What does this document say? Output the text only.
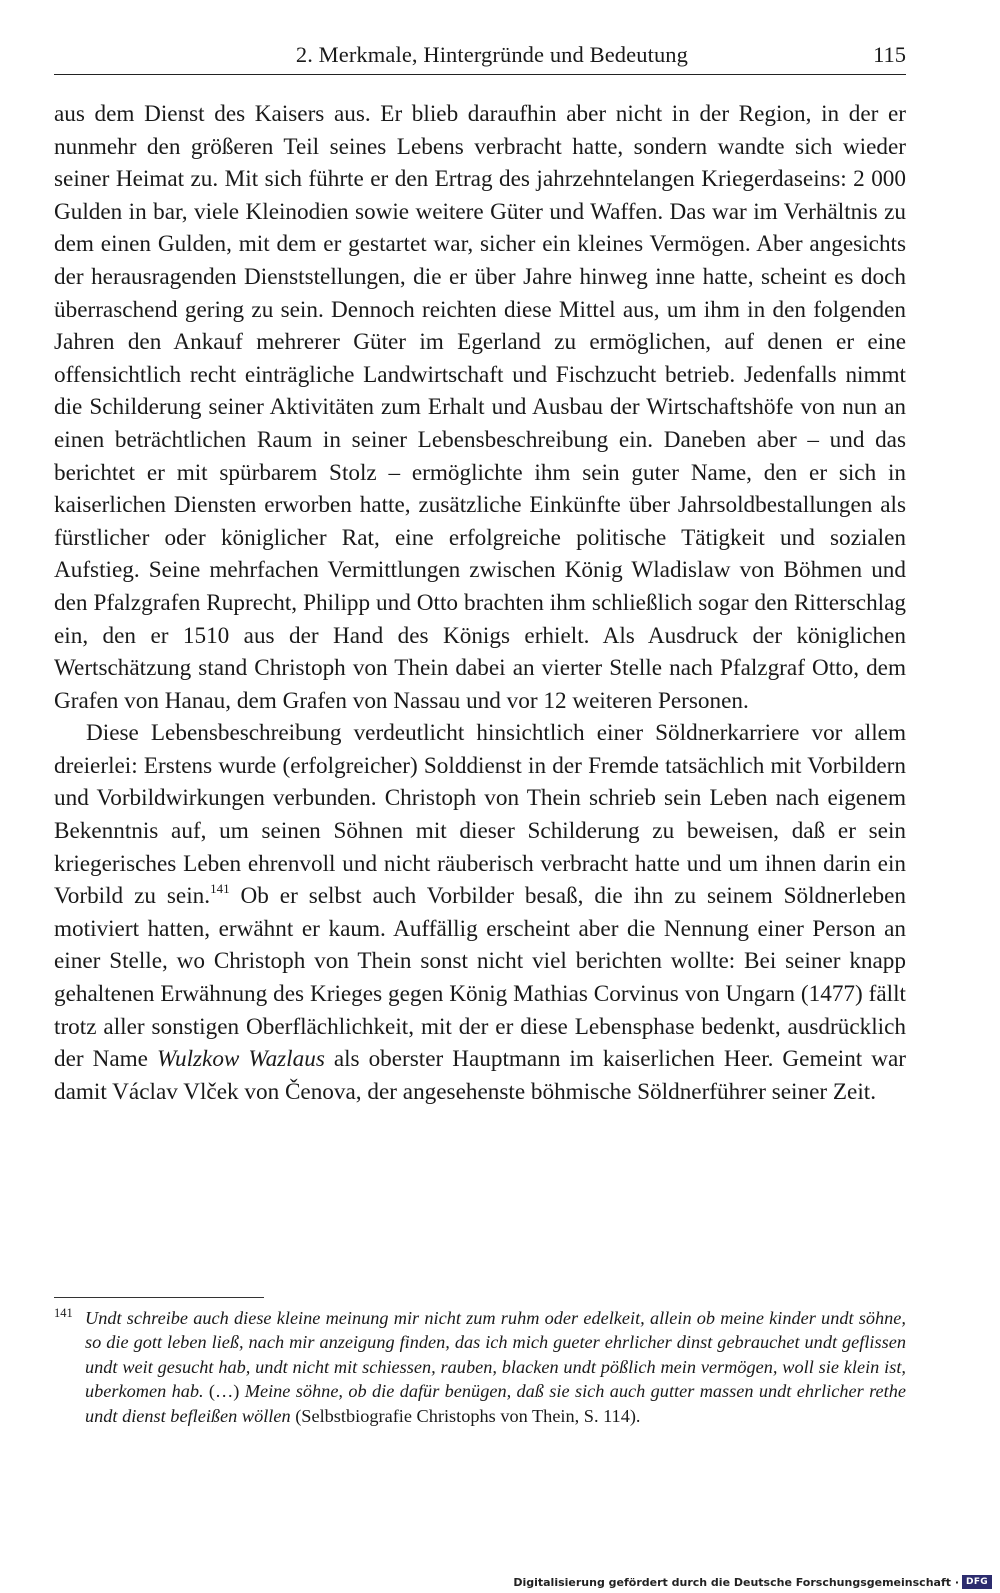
2. Merkmale, Hintergründe und Bedeutung	115

aus dem Dienst des Kaisers aus. Er blieb daraufhin aber nicht in der Region, in der er nunmehr den größeren Teil seines Lebens verbracht hatte, sondern wandte sich wieder seiner Heimat zu. Mit sich führte er den Ertrag des jahrzehntelangen Kriegerdaseins: 2 000 Gulden in bar, viele Kleinodien sowie weitere Güter und Waffen. Das war im Verhältnis zu dem einen Gulden, mit dem er gestartet war, sicher ein kleines Vermögen. Aber angesichts der herausragenden Dienststellungen, die er über Jahre hinweg inne hatte, scheint es doch überraschend gering zu sein. Dennoch reichten diese Mittel aus, um ihm in den folgenden Jahren den Ankauf mehrerer Güter im Egerland zu ermöglichen, auf denen er eine offensichtlich recht einträgliche Landwirtschaft und Fischzucht betrieb. Jedenfalls nimmt die Schilderung seiner Aktivitäten zum Erhalt und Ausbau der Wirtschaftshöfe von nun an einen beträchtlichen Raum in seiner Lebensbeschreibung ein. Daneben aber – und das berichtet er mit spürbarem Stolz – ermöglichte ihm sein guter Name, den er sich in kaiserlichen Diensten erworben hatte, zusätzliche Einkünfte über Jahrsoldbestallungen als fürstlicher oder königlicher Rat, eine erfolgreiche politische Tätigkeit und sozialen Aufstieg. Seine mehrfachen Vermittlungen zwischen König Wladislaw von Böhmen und den Pfalzgrafen Ruprecht, Philipp und Otto brachten ihm schließlich sogar den Ritterschlag ein, den er 1510 aus der Hand des Königs erhielt. Als Ausdruck der königlichen Wertschätzung stand Christoph von Thein dabei an vierter Stelle nach Pfalzgraf Otto, dem Grafen von Hanau, dem Grafen von Nassau und vor 12 weiteren Personen.

Diese Lebensbeschreibung verdeutlicht hinsichtlich einer Söldnerkarriere vor allem dreierlei: Erstens wurde (erfolgreicher) Solddienst in der Fremde tatsächlich mit Vorbildern und Vorbildwirkungen verbunden. Christoph von Thein schrieb sein Leben nach eigenem Bekenntnis auf, um seinen Söhnen mit dieser Schilderung zu beweisen, daß er sein kriegerisches Leben ehrenvoll und nicht räuberisch verbracht hatte und um ihnen darin ein Vorbild zu sein.$^{141}$ Ob er selbst auch Vorbilder besaß, die ihn zu seinem Söldnerleben motiviert hatten, erwähnt er kaum. Auffällig erscheint aber die Nennung einer Person an einer Stelle, wo Christoph von Thein sonst nicht viel berichten wollte: Bei seiner knapp gehaltenen Erwähnung des Krieges gegen König Mathias Corvinus von Ungarn (1477) fällt trotz aller sonstigen Oberflächlichkeit, mit der er diese Lebensphase bedenkt, ausdrücklich der Name Wulzkow Wazlaus als oberster Hauptmann im kaiserlichen Heer. Gemeint war damit Václav Vlček von Čenova, der angesehenste böhmische Söldnerführer seiner Zeit.

141 Undt schreibe auch diese kleine meinung mir nicht zum ruhm oder edelkeit, allein ob meine kinder undt söhne, so die gott leben ließ, nach mir anzeigung finden, das ich mich gueter ehrlicher dinst gebrauchet undt geflissen undt weit gesucht hab, undt nicht mit schiessen, rauben, blacken undt pößlich mein vermögen, woll sie klein ist, uberkomen hab. (…) Meine söhne, ob die dafür benügen, daß sie sich auch gutter massen undt ehrlicher rethe undt dienst befleißen wöllen (Selbstbiografie Christophs von Thein, S. 114).

Digitalisierung gefördert durch die Deutsche Forschungsgemeinschaft · DFG
